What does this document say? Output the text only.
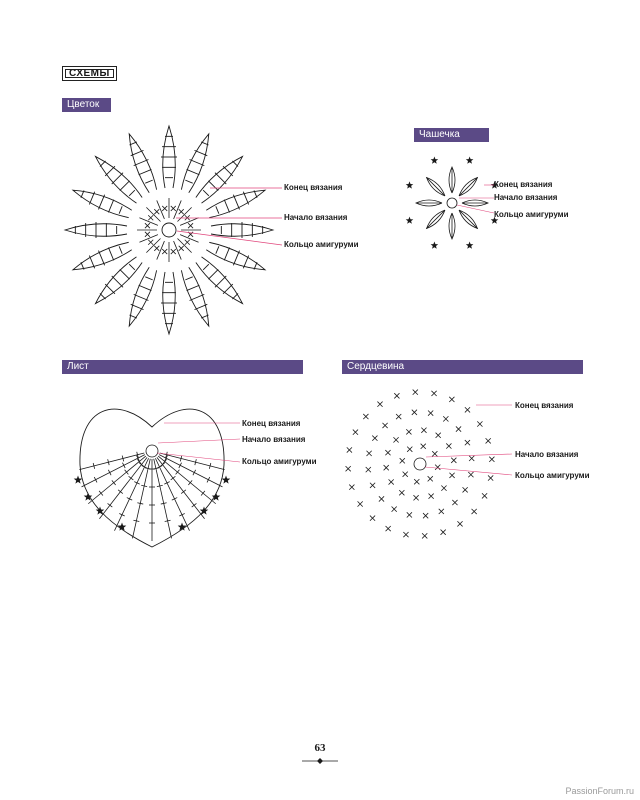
СХЕМЫ
Цветок
Конец вязания
Начало вязания
Кольцо амигуруми
Чашечка
Конец вязания
Начало вязания
Кольцо амигуруми
Лист
Конец вязания
Начало вязания
Кольцо амигуруми
Сердцевина
Конец вязания
Начало вязания
Кольцо амигуруми
63
PassionForum.ru
